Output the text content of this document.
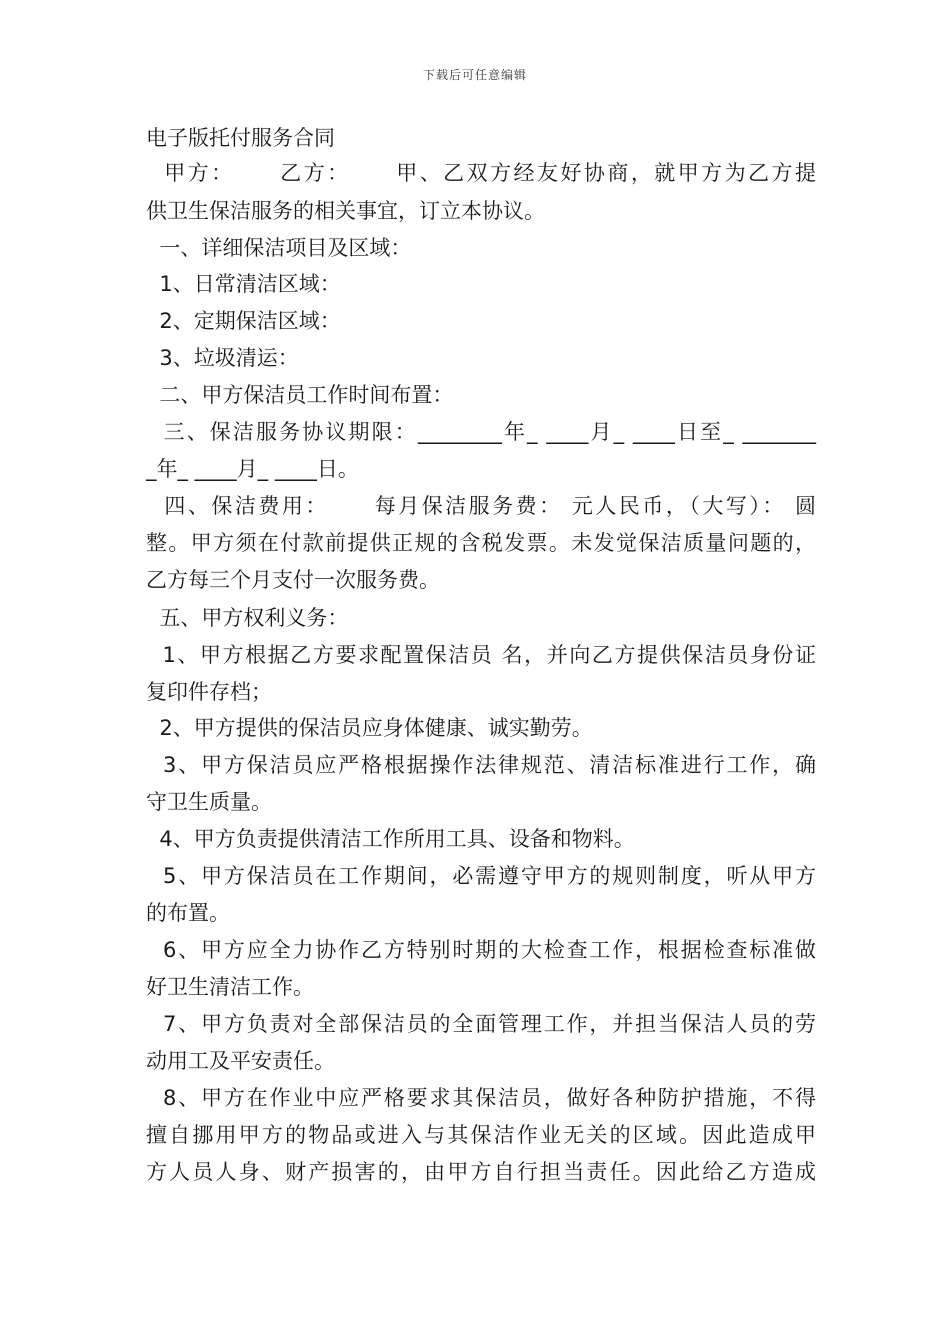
下载后可任意编辑
电子版托付服务合同
甲方：     乙方：     甲、乙双方经友好协商，就甲方为乙方提
供卫生保洁服务的相关事宜，订立本协议。
一、详细保洁项目及区域：
1、日常清洁区域：
2、定期保洁区域：
3、垃圾清运：
二、甲方保洁员工作时间布置：
三、保洁服务协议期限：________年_ ____月_ ____日至_ _______
_年_ ____月_ ____日。
四、保洁费用：     每月保洁服务费： 元人民币，（大写）： 圆
整。甲方须在付款前提供正规的含税发票。未发觉保洁质量问题的，
乙方每三个月支付一次服务费。
五、甲方权利义务：
1、甲方根据乙方要求配置保洁员 名，并向乙方提供保洁员身份证
复印件存档；
2、甲方提供的保洁员应身体健康、诚实勤劳。
3、甲方保洁员应严格根据操作法律规范、清洁标准进行工作，确
守卫生质量。
4、甲方负责提供清洁工作所用工具、设备和物料。
5、甲方保洁员在工作期间，必需遵守甲方的规则制度，听从甲方
的布置。
6、甲方应全力协作乙方特别时期的大检查工作，根据检查标准做
好卫生清洁工作。
7、甲方负责对全部保洁员的全面管理工作，并担当保洁人员的劳
动用工及平安责任。
8、甲方在作业中应严格要求其保洁员，做好各种防护措施，不得
擅自挪用甲方的物品或进入与其保洁作业无关的区域。因此造成甲
方人员人身、财产损害的，由甲方自行担当责任。因此给乙方造成
